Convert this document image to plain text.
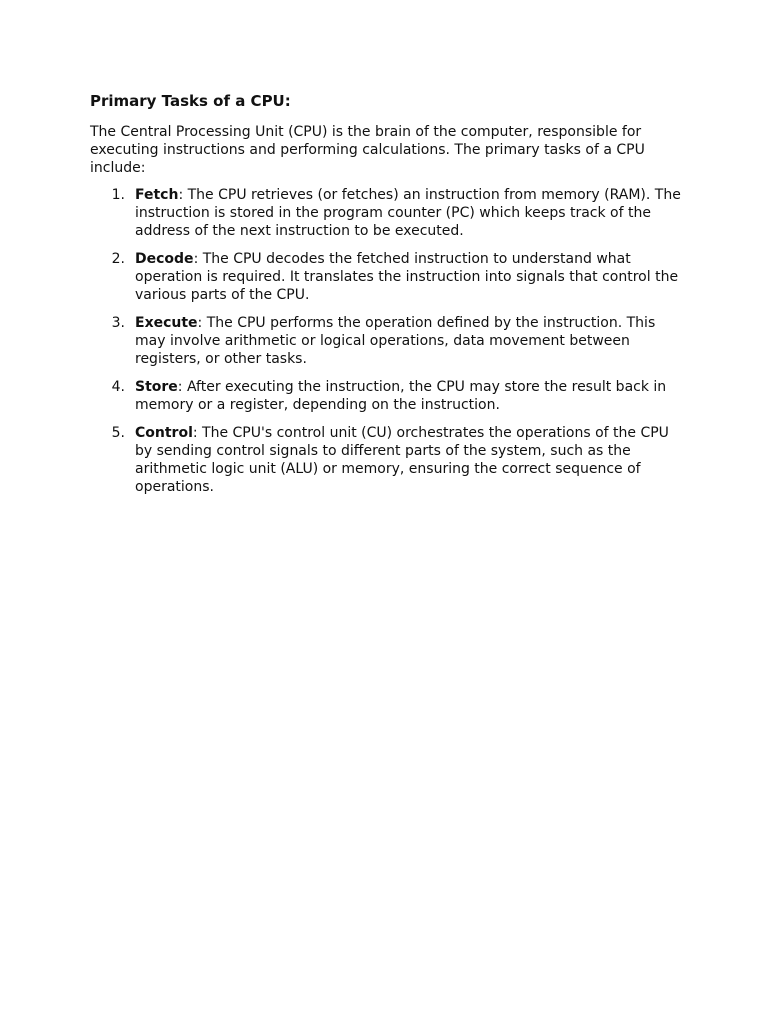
Primary Tasks of a CPU:

The Central Processing Unit (CPU) is the brain of the computer, responsible for executing instructions and performing calculations. The primary tasks of a CPU include:

1. Fetch: The CPU retrieves (or fetches) an instruction from memory (RAM). The instruction is stored in the program counter (PC) which keeps track of the address of the next instruction to be executed.
2. Decode: The CPU decodes the fetched instruction to understand what operation is required. It translates the instruction into signals that control the various parts of the CPU.
3. Execute: The CPU performs the operation defined by the instruction. This may involve arithmetic or logical operations, data movement between registers, or other tasks.
4. Store: After executing the instruction, the CPU may store the result back in memory or a register, depending on the instruction.
5. Control: The CPU's control unit (CU) orchestrates the operations of the CPU by sending control signals to different parts of the system, such as the arithmetic logic unit (ALU) or memory, ensuring the correct sequence of operations.
